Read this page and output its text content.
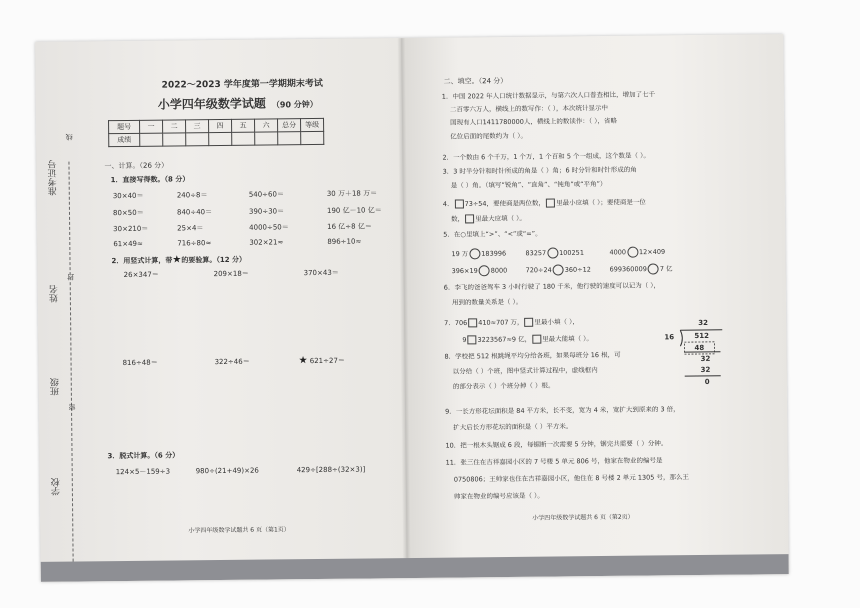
准考证号
姓名
班级
学校
线
封
密
2022～2023 学年度第一学期期末考试
小学四年级数学试题 （90 分钟）
题号	一	二	三	四	五	六	总分	等级
成绩								
一、计算。（26 分）
1．直接写得数。（8 分）
30×40＝	240÷8＝	540÷60＝	30 万＋18 万＝
80×50＝	840÷40＝	390÷30＝	190 亿－10 亿＝
30×210＝	25×4＝	4000÷50＝	16 亿÷8 亿＝
61×49≈	716÷80≈	302×21≈	896÷10≈
2．用竖式计算，带★的要验算。（12 分）
26×347＝	209×18＝	370×43＝
816÷48＝	322÷46＝	★ 621÷27＝
3．脱式计算。（6 分）
124×5－159÷3	980÷(21+49)×26	429÷[288÷(32×3)]
小学四年级数学试题共 6 页（第1页）
二、填空。（24 分）
1．中国 2022 年人口统计数据显示，与第六次人口普查相比，增加了七千
二百零六万人，横线上的数写作：（ ），本次统计显示中
国现有人口1411780000人，横线上的数读作：（ ），省略
亿位后面的尾数约为（ ）。
2．一个数由 6 个千万，1 个万，1 个百和 5 个一组成，这个数是（ ）。
3．3 时半分针和时针所成的角是（ ）角；6 时分针和时针形成的角
是（ ）角。（填写“锐角”、“直角”、“钝角”或“平角”）
4． 73÷54，要使商是两位数， 里最小应填（ ）；要使商是一位
数， 里最大应填（ ）。
5．在○里填上“>”、“<”或“=”。
19 万 183996	83257 100251	4000 12×409
396×19 8000	720÷24 360÷12	699360009 7 亿
6．李飞的爸爸驾车 3 小时行驶了 180 千米，他行驶的速度可以记为（ ），
用到的数量关系是（ ）。
7．706 410≈707 万， 里最小填（ ），
9 3223567≈9 亿， 里最大能填（ ）。
8．学校把 512 根跳绳平均分给各班，如果每班分 16 根，可
以分给（ ）个班，图中竖式计算过程中，虚线框内
的部分表示（ ）个班分掉（ ）根。
32
16	512
48
32
32
0
9．一长方形花坛面积是 84 平方米，长不变，宽为 4 米，宽扩大到原来的 3 倍，
扩大后长方形花坛的面积是（ ）平方米。
10．把一根木头锯成 6 段，每锯断一次需要 5 分钟，锯完共需要（ ）分钟。
11．张三住在吉祥嘉园小区的 7 号楼 5 单元 806 号，他家在物业的编号是
0750806；王帅家也住在吉祥嘉园小区，他住在 8 号楼 2 单元 1305 号，那么王
帅家在物业的编号应该是（ ）。
小学四年级数学试题共 6 页（第2页）
